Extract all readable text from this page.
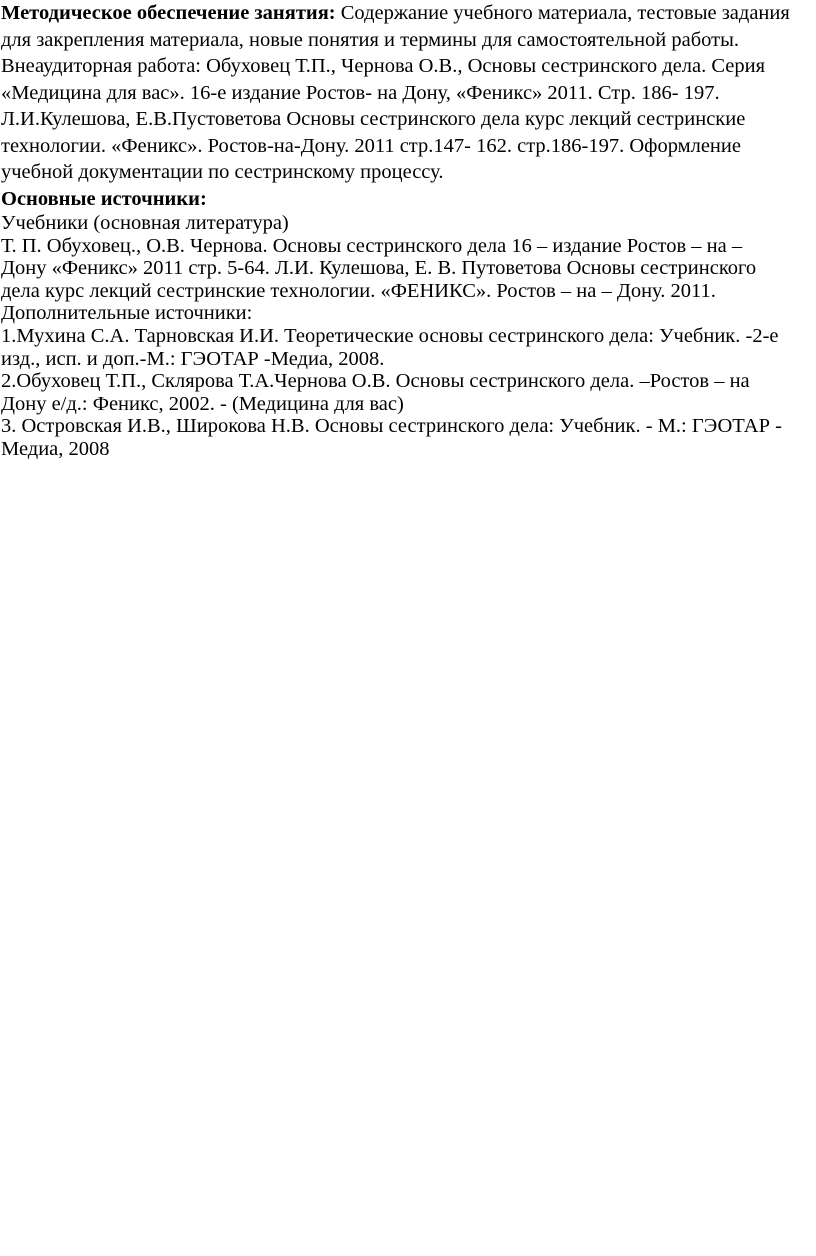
Методическое обеспечение занятия: Содержание учебного материала, тестовые задания
для закрепления материала, новые понятия и термины для самостоятельной работы.
Внеаудиторная работа: Обуховец Т.П., Чернова О.В., Основы сестринского дела. Серия
«Медицина для вас». 16-е издание Ростов- на Дону, «Феникс» 2011. Стр. 186- 197.
Л.И.Кулешова, Е.В.Пустоветова Основы сестринского дела курс лекций сестринские
технологии. «Феникс». Ростов-на-Дону. 2011 стр.147- 162. стр.186-197. Оформление
учебной документации по сестринскому процессу.
Основные источники:
Учебники (основная литература)
Т. П. Обуховец., О.В. Чернова. Основы сестринского дела 16 – издание Ростов – на –
Дону «Феникс» 2011 стр. 5-64. Л.И. Кулешова, Е. В. Путоветова Основы сестринского
дела курс лекций сестринские технологии. «ФЕНИКС». Ростов – на – Дону. 2011.
Дополнительные источники:
1.Мухина С.А. Тарновская И.И. Теоретические основы сестринского дела: Учебник. -2-е
изд., исп. и доп.-М.: ГЭОТАР -Медиа, 2008.
2.Обуховец Т.П., Склярова Т.А.Чернова О.В. Основы сестринского дела. –Ростов – на
Дону е/д.: Феникс, 2002. - (Медицина для вас)
3. Островская И.В., Широкова Н.В. Основы сестринского дела: Учебник. - М.: ГЭОТАР -
Медиа, 2008
